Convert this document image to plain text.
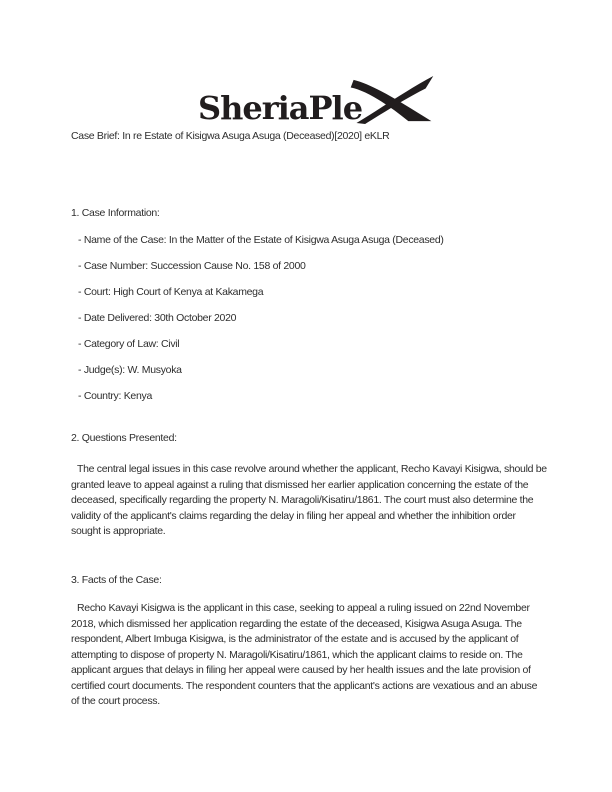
SheriaPle
Case Brief: In re Estate of Kisigwa Asuga Asuga (Deceased)[2020] eKLR
1. Case Information:
- Name of the Case: In the Matter of the Estate of Kisigwa Asuga Asuga (Deceased)
- Case Number: Succession Cause No. 158 of 2000
- Court: High Court of Kenya at Kakamega
- Date Delivered: 30th October 2020
- Category of Law: Civil
- Judge(s): W. Musyoka
- Country: Kenya
2. Questions Presented:
The central legal issues in this case revolve around whether the applicant, Recho Kavayi Kisigwa, should be granted leave to appeal against a ruling that dismissed her earlier application concerning the estate of the deceased, specifically regarding the property N. Maragoli/Kisatiru/1861. The court must also determine the validity of the applicant's claims regarding the delay in filing her appeal and whether the inhibition order sought is appropriate.
3. Facts of the Case:
Recho Kavayi Kisigwa is the applicant in this case, seeking to appeal a ruling issued on 22nd November 2018, which dismissed her application regarding the estate of the deceased, Kisigwa Asuga Asuga. The respondent, Albert Imbuga Kisigwa, is the administrator of the estate and is accused by the applicant of attempting to dispose of property N. Maragoli/Kisatiru/1861, which the applicant claims to reside on. The applicant argues that delays in filing her appeal were caused by her health issues and the late provision of certified court documents. The respondent counters that the applicant's actions are vexatious and an abuse of the court process.
